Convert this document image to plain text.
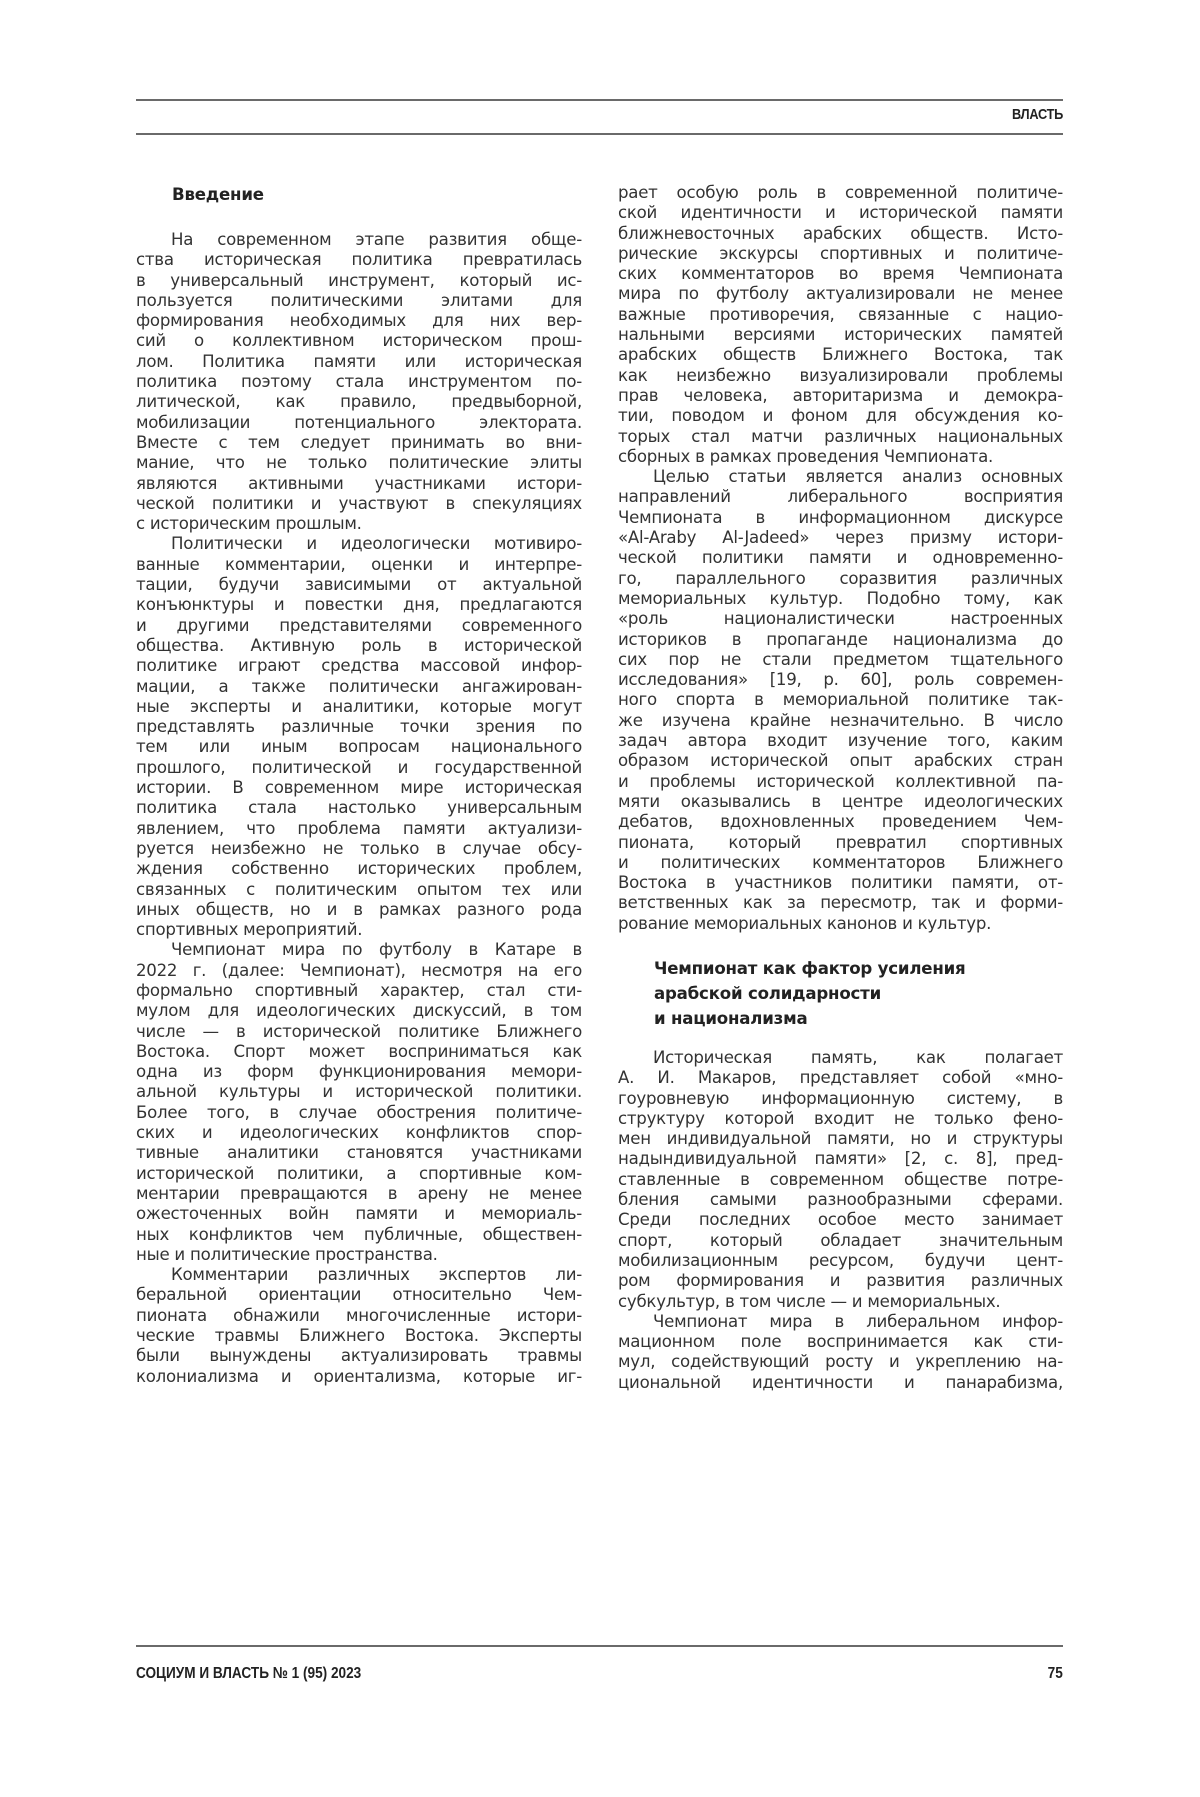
ВЛАСТЬ
Введение
На современном этапе развития обще-
ства историческая политика превратилась
в универсальный инструмент, который ис-
пользуется политическими элитами для
формирования необходимых для них вер-
сий о коллективном историческом прош-
лом. Политика памяти или историческая
политика поэтому стала инструментом по-
литической, как правило, предвыборной,
мобилизации потенциального электората.
Вместе с тем следует принимать во вни-
мание, что не только политические элиты
являются активными участниками истори-
ческой политики и участвуют в спекуляциях
с историческим прошлым.
Политически и идеологически мотивиро-
ванные комментарии, оценки и интерпре-
тации, будучи зависимыми от актуальной
конъюнктуры и повестки дня, предлагаются
и другими представителями современного
общества. Активную роль в исторической
политике играют средства массовой инфор-
мации, а также политически ангажирован-
ные эксперты и аналитики, которые могут
представлять различные точки зрения по
тем или иным вопросам национального
прошлого, политической и государственной
истории. В современном мире историческая
политика стала настолько универсальным
явлением, что проблема памяти актуализи-
руется неизбежно не только в случае обсу-
ждения собственно исторических проблем,
связанных с политическим опытом тех или
иных обществ, но и в рамках разного рода
спортивных мероприятий.
Чемпионат мира по футболу в Катаре в
2022 г. (далее: Чемпионат), несмотря на его
формально спортивный характер, стал сти-
мулом для идеологических дискуссий, в том
числе — в исторической политике Ближнего
Востока. Спорт может восприниматься как
одна из форм функционирования мемори-
альной культуры и исторической политики.
Более того, в случае обострения политиче-
ских и идеологических конфликтов спор-
тивные аналитики становятся участниками
исторической политики, а спортивные ком-
ментарии превращаются в арену не менее
ожесточенных войн памяти и мемориаль-
ных конфликтов чем публичные, обществен-
ные и политические пространства.
Комментарии различных экспертов ли-
беральной ориентации относительно Чем-
пионата обнажили многочисленные истори-
ческие травмы Ближнего Востока. Эксперты
были вынуждены актуализировать травмы
колониализма и ориентализма, которые иг-
рает особую роль в современной политиче-
ской идентичности и исторической памяти
ближневосточных арабских обществ. Исто-
рические экскурсы спортивных и политиче-
ских комментаторов во время Чемпионата
мира по футболу актуализировали не менее
важные противоречия, связанные с нацио-
нальными версиями исторических памятей
арабских обществ Ближнего Востока, так
как неизбежно визуализировали проблемы
прав человека, авторитаризма и демокра-
тии, поводом и фоном для обсуждения ко-
торых стал матчи различных национальных
сборных в рамках проведения Чемпионата.
Целью статьи является анализ основных
направлений либерального восприятия
Чемпионата в информационном дискурсе
«Al-Araby Al-Jadeed» через призму истори-
ческой политики памяти и одновременно-
го, параллельного соразвития различных
мемориальных культур. Подобно тому, как
«роль националистически настроенных
историков в пропаганде национализма до
сих пор не стали предметом тщательного
исследования» [19, p. 60], роль современ-
ного спорта в мемориальной политике так-
же изучена крайне незначительно. В число
задач автора входит изучение того, каким
образом исторической опыт арабских стран
и проблемы исторической коллективной па-
мяти оказывались в центре идеологических
дебатов, вдохновленных проведением Чем-
пионата, который превратил спортивных
и политических комментаторов Ближнего
Востока в участников политики памяти, от-
ветственных как за пересмотр, так и форми-
рование мемориальных канонов и культур.
Чемпионат как фактор усиления
арабской солидарности
и национализма
Историческая память, как полагает
А. И. Макаров, представляет собой «мно-
гоуровневую информационную систему, в
структуру которой входит не только фено-
мен индивидуальной памяти, но и структуры
надындивидуальной памяти» [2, с. 8], пред-
ставленные в современном обществе потре-
бления самыми разнообразными сферами.
Среди последних особое место занимает
спорт, который обладает значительным
мобилизационным ресурсом, будучи цент-
ром формирования и развития различных
субкультур, в том числе — и мемориальных.
Чемпионат мира в либеральном инфор-
мационном поле воспринимается как сти-
мул, содействующий росту и укреплению на-
циональной идентичности и панарабизма,
СОЦИУМ И ВЛАСТЬ № 1 (95) 2023	75
